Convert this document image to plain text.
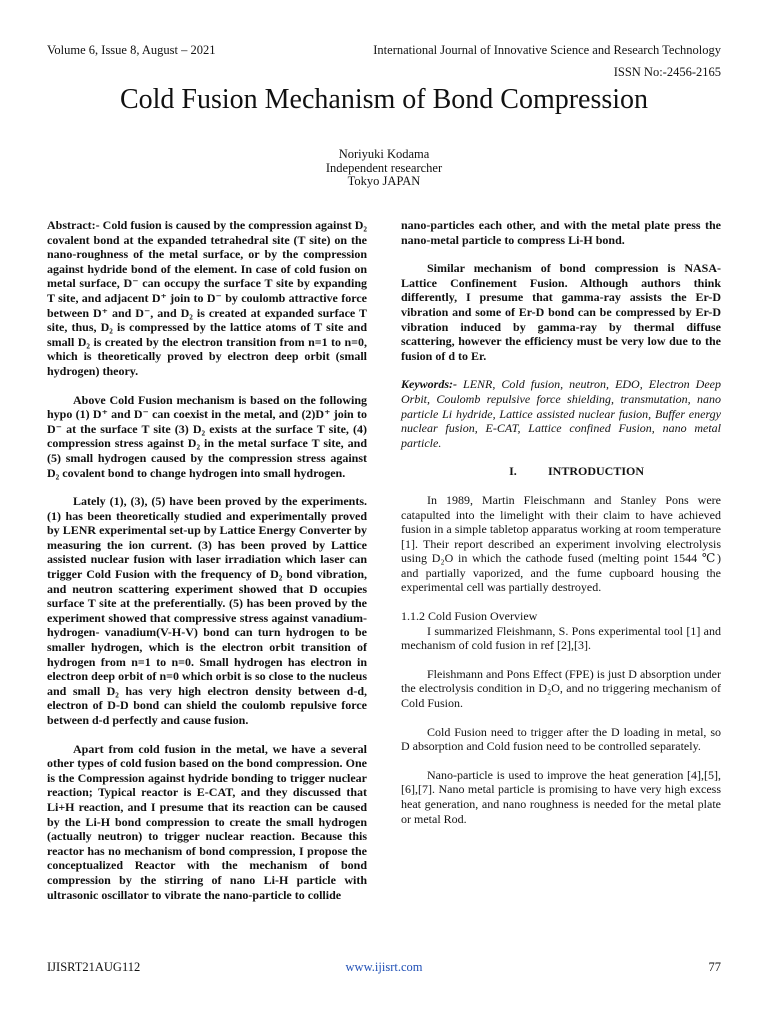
Volume 6, Issue 8, August – 2021	International Journal of Innovative Science and Research Technology
ISSN No:-2456-2165
Cold Fusion Mechanism of Bond Compression
Noriyuki Kodama
Independent researcher
Tokyo JAPAN

Abstract:- Cold fusion is caused by the compression against D₂ covalent bond at the expanded tetrahedral site (T site) on the nano-roughness of the metal surface, or by the compression against hydride bond of the element. In case of cold fusion on metal surface, D⁻ can occupy the surface T site by expanding T site, and adjacent D⁺ join to D⁻ by coulomb attractive force between D⁺ and D⁻, and D₂ is created at expanded surface T site, thus, D₂ is compressed by the lattice atoms of T site and small D₂ is created by the electron transition from n=1 to n=0, which is theoretically proved by electron deep orbit (small hydrogen) theory.

Above Cold Fusion mechanism is based on the following hypo (1) D⁺ and D⁻ can coexist in the metal, and (2)D⁺ join to D⁻ at the surface T site (3) D₂ exists at the surface T site, (4) compression stress against D₂ in the metal surface T site, and (5) small hydrogen caused by the compression stress against D₂ covalent bond to change hydrogen into small hydrogen.

Lately (1), (3), (5) have been proved by the experiments. (1) has been theoretically studied and experimentally proved by LENR experimental set-up by Lattice Energy Converter by measuring the ion current. (3) has been proved by Lattice assisted nuclear fusion with laser irradiation which laser can trigger Cold Fusion with the frequency of D₂ bond vibration, and neutron scattering experiment showed that D occupies surface T site at the preferentially. (5) has been proved by the experiment showed that compressive stress against vanadium-hydrogen- vanadium(V-H-V) bond can turn hydrogen to be smaller hydrogen, which is the electron orbit transition of hydrogen from n=1 to n=0. Small hydrogen has electron in electron deep orbit of n=0 which orbit is so close to the nucleus and small D₂ has very high electron density between d-d, electron of D-D bond can shield the coulomb repulsive force between d-d perfectly and cause fusion.

Apart from cold fusion in the metal, we have a several other types of cold fusion based on the bond compression. One is the Compression against hydride bonding to trigger nuclear reaction; Typical reactor is E-CAT, and they discussed that Li+H reaction, and I presume that its reaction can be caused by the Li-H bond compression to create the small hydrogen (actually neutron) to trigger nuclear reaction. Because this reactor has no mechanism of bond compression, I propose the conceptualized Reactor with the mechanism of bond compression by the stirring of nano Li-H particle with ultrasonic oscillator to vibrate the nano-particle to collide

nano-particles each other, and with the metal plate press the nano-metal particle to compress Li-H bond.

Similar mechanism of bond compression is NASA-Lattice Confinement Fusion. Although authors think differently, I presume that gamma-ray assists the Er-D vibration and some of Er-D bond can be compressed by Er-D vibration induced by gamma-ray by thermal diffuse scattering, however the efficiency must be very low due to the fusion of d to Er.

Keywords:- LENR, Cold fusion, neutron, EDO, Electron Deep Orbit, Coulomb repulsive force shielding, transmutation, nano particle Li hydride, Lattice assisted nuclear fusion, Buffer energy nuclear fusion, E-CAT, Lattice confined Fusion, nano metal particle.

I.	INTRODUCTION

In 1989, Martin Fleischmann and Stanley Pons were catapulted into the limelight with their claim to have achieved fusion in a simple tabletop apparatus working at room temperature [1]. Their report described an experiment involving electrolysis using D₂O in which the cathode fused (melting point 1544 ℃) and partially vaporized, and the fume cupboard housing the experimental cell was partially destroyed.

1.1.2 Cold Fusion Overview

I summarized Fleishmann, S. Pons experimental tool [1] and mechanism of cold fusion in ref [2],[3].

Fleishmann and Pons Effect (FPE) is just D absorption under the electrolysis condition in D₂O, and no triggering mechanism of Cold Fusion.

Cold Fusion need to trigger after the D loading in metal, so D absorption and Cold fusion need to be controlled separately.

Nano-particle is used to improve the heat generation [4],[5],[6],[7]. Nano metal particle is promising to have very high excess heat generation, and nano roughness is needed for the metal plate or metal Rod.

IJISRT21AUG112	www.ijisrt.com	77
